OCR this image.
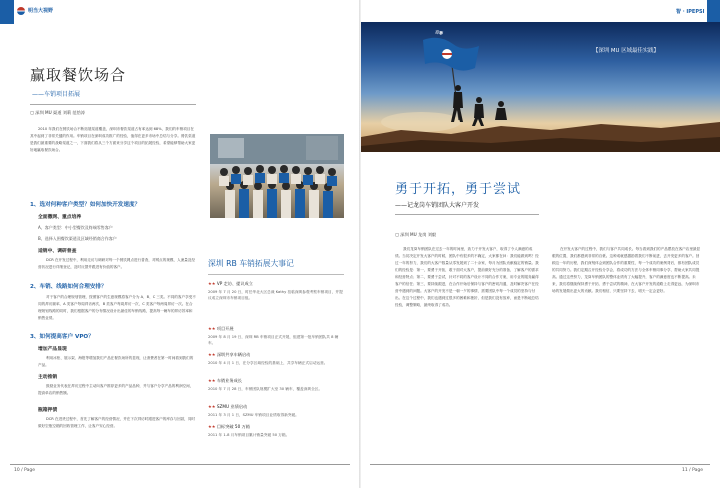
明当大视野
赢取餐饮场合
——车销项目拓展
▢ 深圳 MU 渠道 刘莉 范恰涛

2010 年我们在餐饮场合不断拓展渠道覆盖，深圳市餐饮渠道占有率达到 68%，我们的车销项目在其中起到了非常关键的作用。车销项目在深圳成功推广的经验，值得在更多市场中总结与分享。餐饮渠道是我们最重要的战略渠道之一，下面我们将从三个方面来分享这个项目的拓展经验，希望能够帮助大家更好地赢取餐饮场合。

1、选对何种客户类型？如何加快开发速度？
全面撒网、重点培养
A、客户类型：中小型餐饮及终端零售客户
B、选择入围餐饮渠道及区域经销商合作客户
适销中、调研普查

DCR 在开发过程中，利用走访与调研对每一个餐饮网点进行普查，对网点的规模、人流量及经营状况进行详细登记，及时反馈并跟进有价值的客户。

2、车销、线路如何合理安排？

对于客户的合理规划管理，按照客户的生意规模将客户分为 A、B、C 三类。不同的客户享受不同的拜访频率，A 类客户每周拜访两次，B 类客户每周拜访一次，C 类客户每两周拜访一次。在合理规划线路的同时，我们根据客户的分布情况设计出最佳的车销线路，提高每一辆车的拜访效率和销售业绩。

3、如何提高客户 VPO？
增加产品显现

利用冰柜、展示架、海报等增加我们产品在餐饮场所的显现，让消费者在第一时间看到我们的产品。

主动推销

鼓励业务代表在拜访过程中主动向客户推荐更多的产品品种，并与客户分享产品的利润空间，提高单店的销售额。

瓶箱押债

DCR 在进货过程中，首先了解客户的经营情况，并在下次拜访时跟进客户的库存与回款，同时做好空瓶空箱的回收管理工作，让客户安心经营。

深圳 RB 车销拓展大事记
★★ VP 走访、提议成立
2009 年 7 月 20 日，时任华北大区总裁 Kathy 莅临深圳参观考察车销项目，并提议成立深圳市车销项目组。
★★ 项目开展
2009 年 8 月 19 日，深圳 RB 车销项目正式开展，组建第一批车销团队共 8 辆车。
★★ 深圳共享车辆启动
2010 年 4 月 1 日，在分享区域经验的基础上，共享车辆正式启动运营。
★★ 车销业务成长
2010 年 7 月 28 日，车销团队规模扩大至 30 辆车，覆盖深圳全区。
★★ SZMU 业绩启动
2011 年 3 月 1 日，SZMU 车销项目业绩取得新突破。
★★ 目标突破 50 万箱
2011 年 1-8 月车销项目累计销量突破 50 万箱。
10 / Page
智 · IPEPSI
【深圳 MU 区域最佳实践】
百事
勇于开拓，勇于尝试
——记龙岗车销团队大客户开发
▢ 深圳 MU 龙岗 刘毅

我们龙岗车销团队在过去一年的时间里，致力于开发大客户，取得了令人满意的成绩。当初决定开发大客户的时候，团队中有很多的不确定，大家都在问：我们能做到吗？经过一年的努力，我们的大客户数量从零发展到了二十余家，每月为团队贡献稳定的销量。我们的经验是：第一，要勇于开拓，敢于面对大客户，提前做好充分的准备，了解客户的需求和经营特点；第二，要勇于尝试，针对不同的客户设计不同的合作方案，用专业的服务赢得客户的信任；第三，要持续跟进，在合作开始后保持与客户的密切沟通，及时解决客户在经营中遇到的问题。大客户的开发不是一朝一夕的事情，需要团队中每一个成员的坚持与付出。在这个过程中，我们也遇到过很多的困难和挫折，但是我们没有放弃，而是不断地总结经验，调整策略，最终取得了成功。

在开发大客户的过程中，我们与客户共同成长。每当看到我们的产品摆放在客户店里最显眼的位置，我们都感到非常的自豪。这种成就感激励着我们不断前进，去开发更多的客户。回顾这一年的历程，我们深刻体会到团队合作的重要性，每一个成功的案例背后，都有团队成员的共同努力。我们定期召开经验分享会，将成功的方法与全体车销同事分享，帮助大家共同提高。通过这些努力，龙岗车销团队的整体业绩有了大幅提升，客户的满意度也不断提高。未来，我们将继续保持勇于开拓、勇于尝试的精神，在大客户开发的道路上走得更远，为深圳市场的发展做出更大的贡献。我们相信，只要坚持下去，明天一定会更好。

11 / Page
